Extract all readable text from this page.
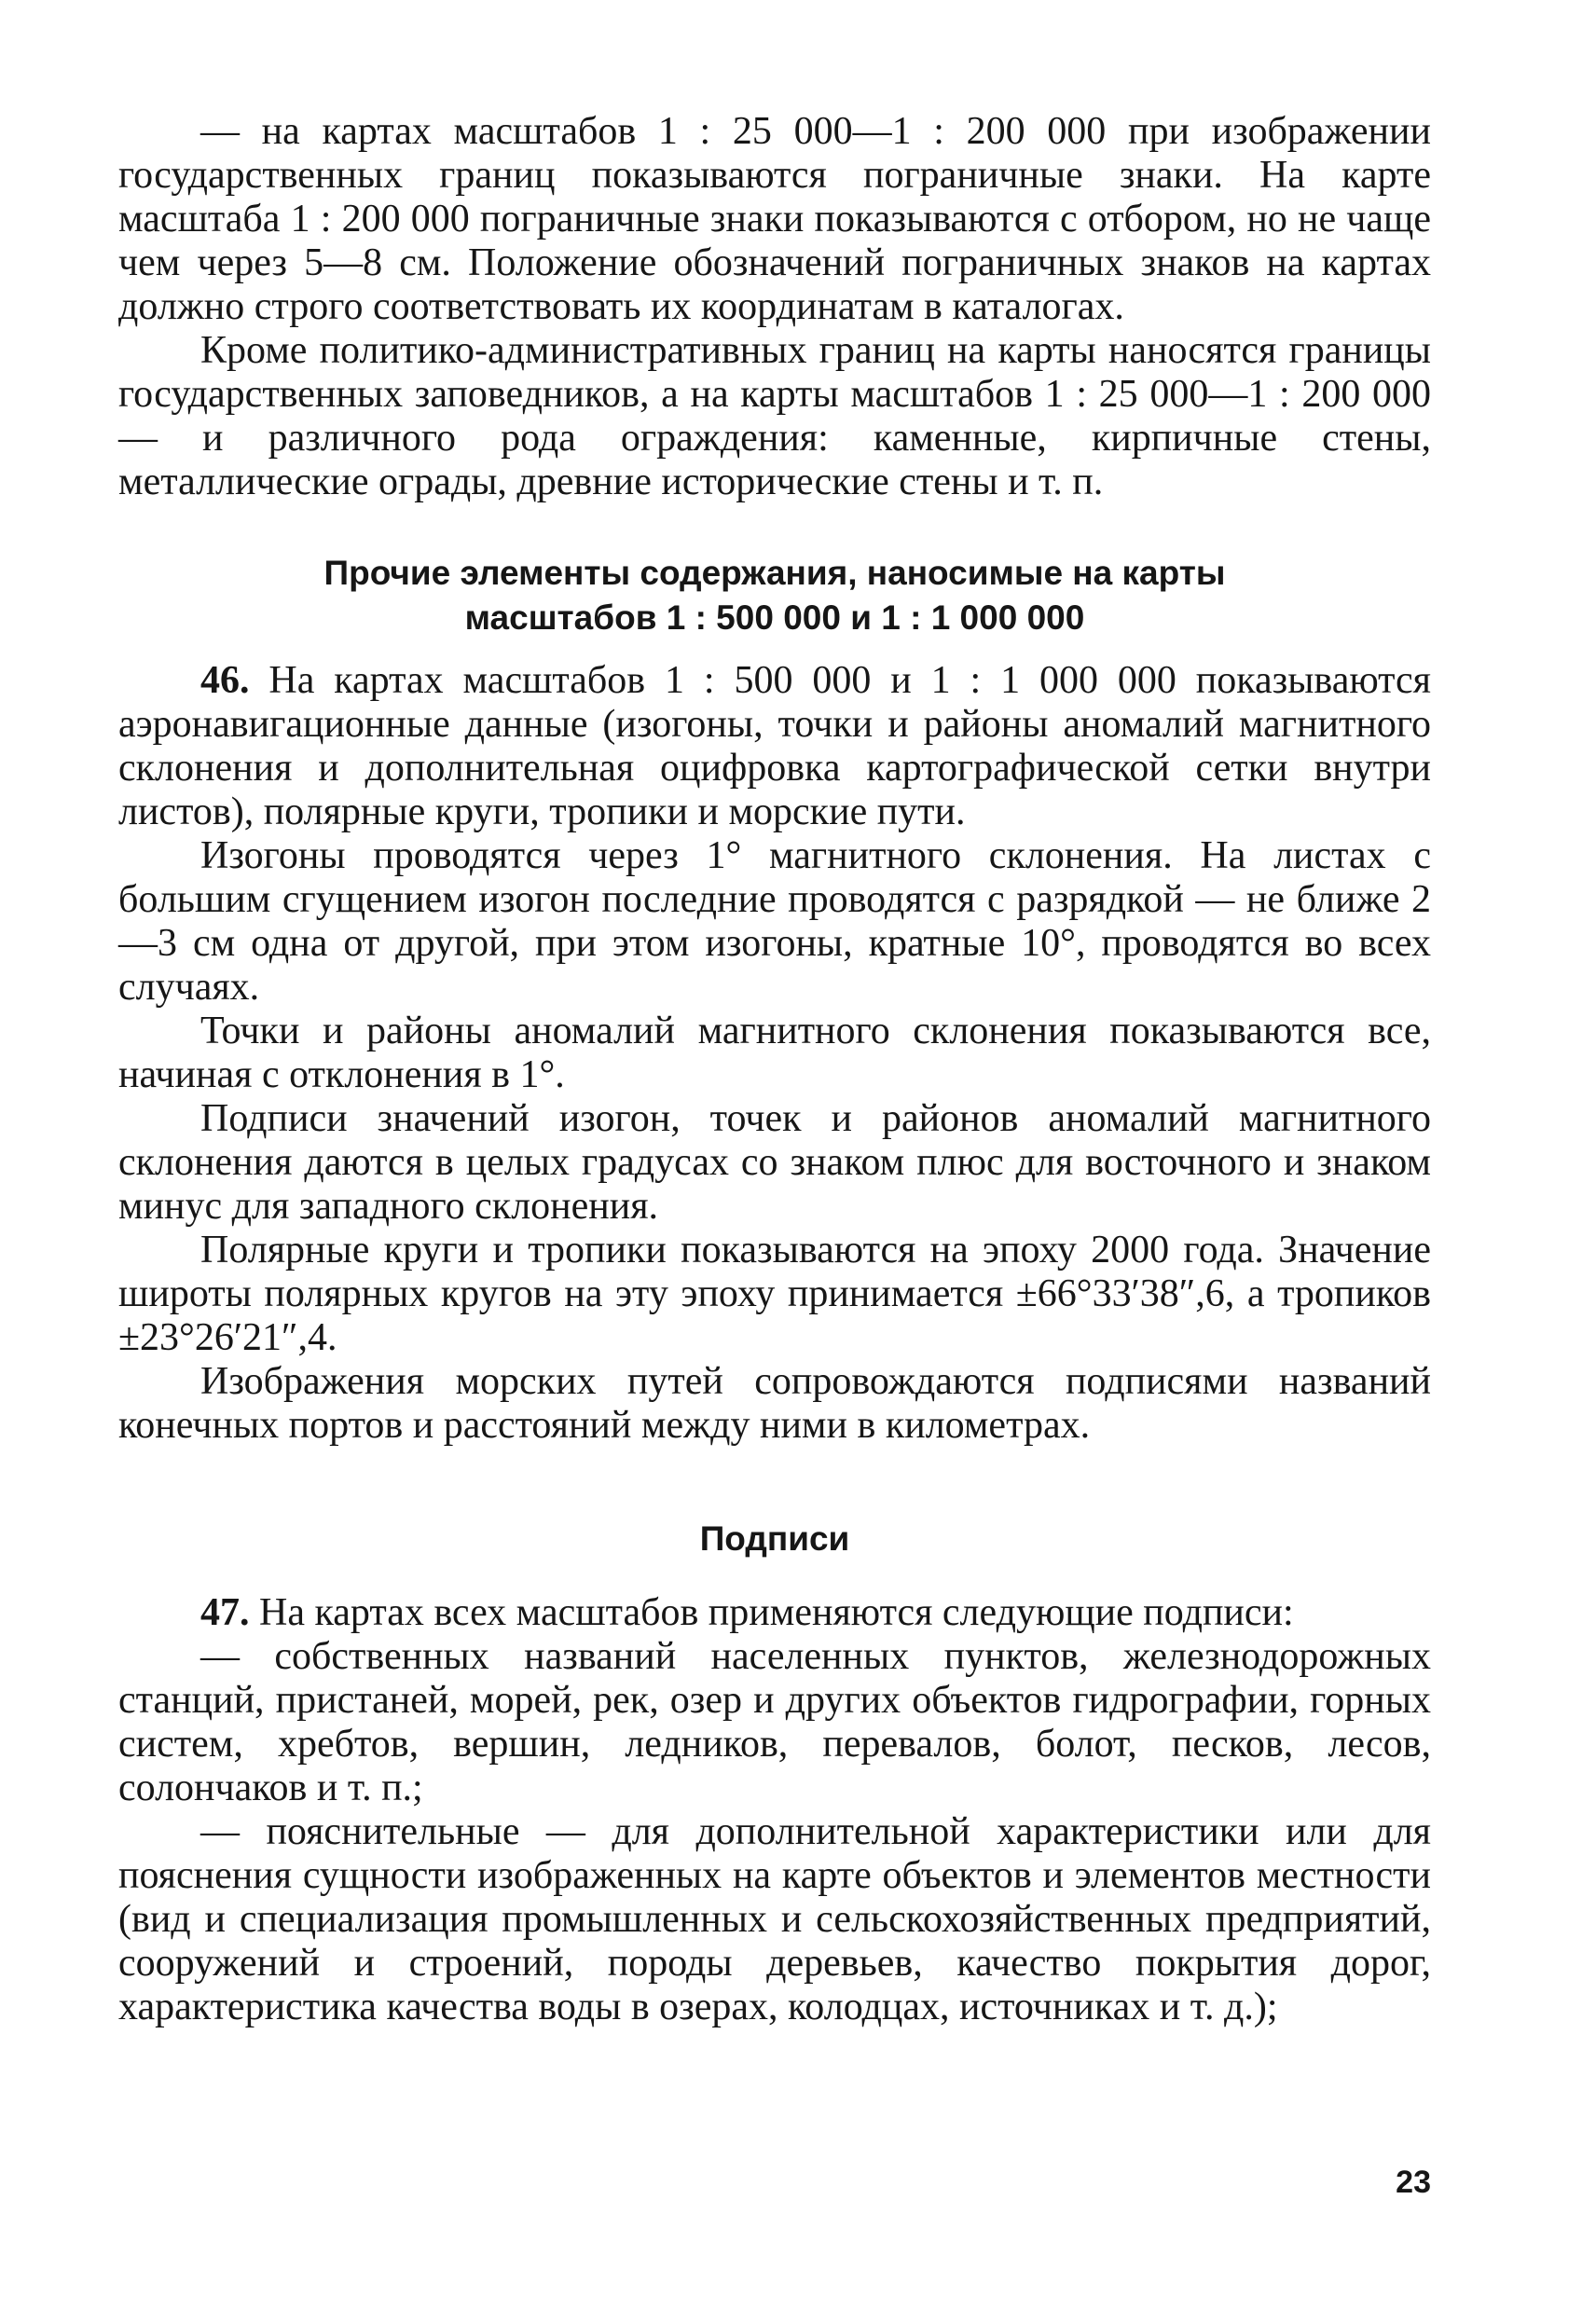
— на картах масштабов 1 : 25 000—1 : 200 000 при изображении государственных границ показываются пограничные знаки. На карте масштаба 1 : 200 000 пограничные знаки показываются с отбором, но не чаще чем через 5—8 см. Положение обозначений пограничных знаков на картах должно строго соответствовать их координатам в каталогах.

Кроме политико-административных границ на карты наносятся границы государственных заповедников, а на карты масштабов 1 : 25 000—1 : 200 000 — и различного рода ограждения: каменные, кирпичные стены, металлические ограды, древние исторические стены и т. п.

Прочие элементы содержания, наносимые на карты
масштабов 1 : 500 000 и 1 : 1 000 000

46. На картах масштабов 1 : 500 000 и 1 : 1 000 000 показываются аэронавигационные данные (изогоны, точки и районы аномалий магнитного склонения и дополнительная оцифровка картографической сетки внутри листов), полярные круги, тропики и морские пути.

Изогоны проводятся через 1° магнитного склонения. На листах с большим сгущением изогон последние проводятся с разрядкой — не ближе 2—3 см одна от другой, при этом изогоны, кратные 10°, проводятся во всех случаях.

Точки и районы аномалий магнитного склонения показываются все, начиная с отклонения в 1°.

Подписи значений изогон, точек и районов аномалий магнитного склонения даются в целых градусах со знаком плюс для восточного и знаком минус для западного склонения.

Полярные круги и тропики показываются на эпоху 2000 года. Значение широты полярных кругов на эту эпоху принимается ±66°33′38″,6, а тропиков ±23°26′21″,4.

Изображения морских путей сопровождаются подписями названий конечных портов и расстояний между ними в километрах.

Подписи

47. На картах всех масштабов применяются следующие подписи:

— собственных названий населенных пунктов, железнодорожных станций, пристаней, морей, рек, озер и других объектов гидрографии, горных систем, хребтов, вершин, ледников, перевалов, болот, песков, лесов, солончаков и т. п.;

— пояснительные — для дополнительной характеристики или для пояснения сущности изображенных на карте объектов и элементов местности (вид и специализация промышленных и сельскохозяйственных предприятий, сооружений и строений, породы деревьев, качество покрытия дорог, характеристика качества воды в озерах, колодцах, источниках и т. д.);

23
